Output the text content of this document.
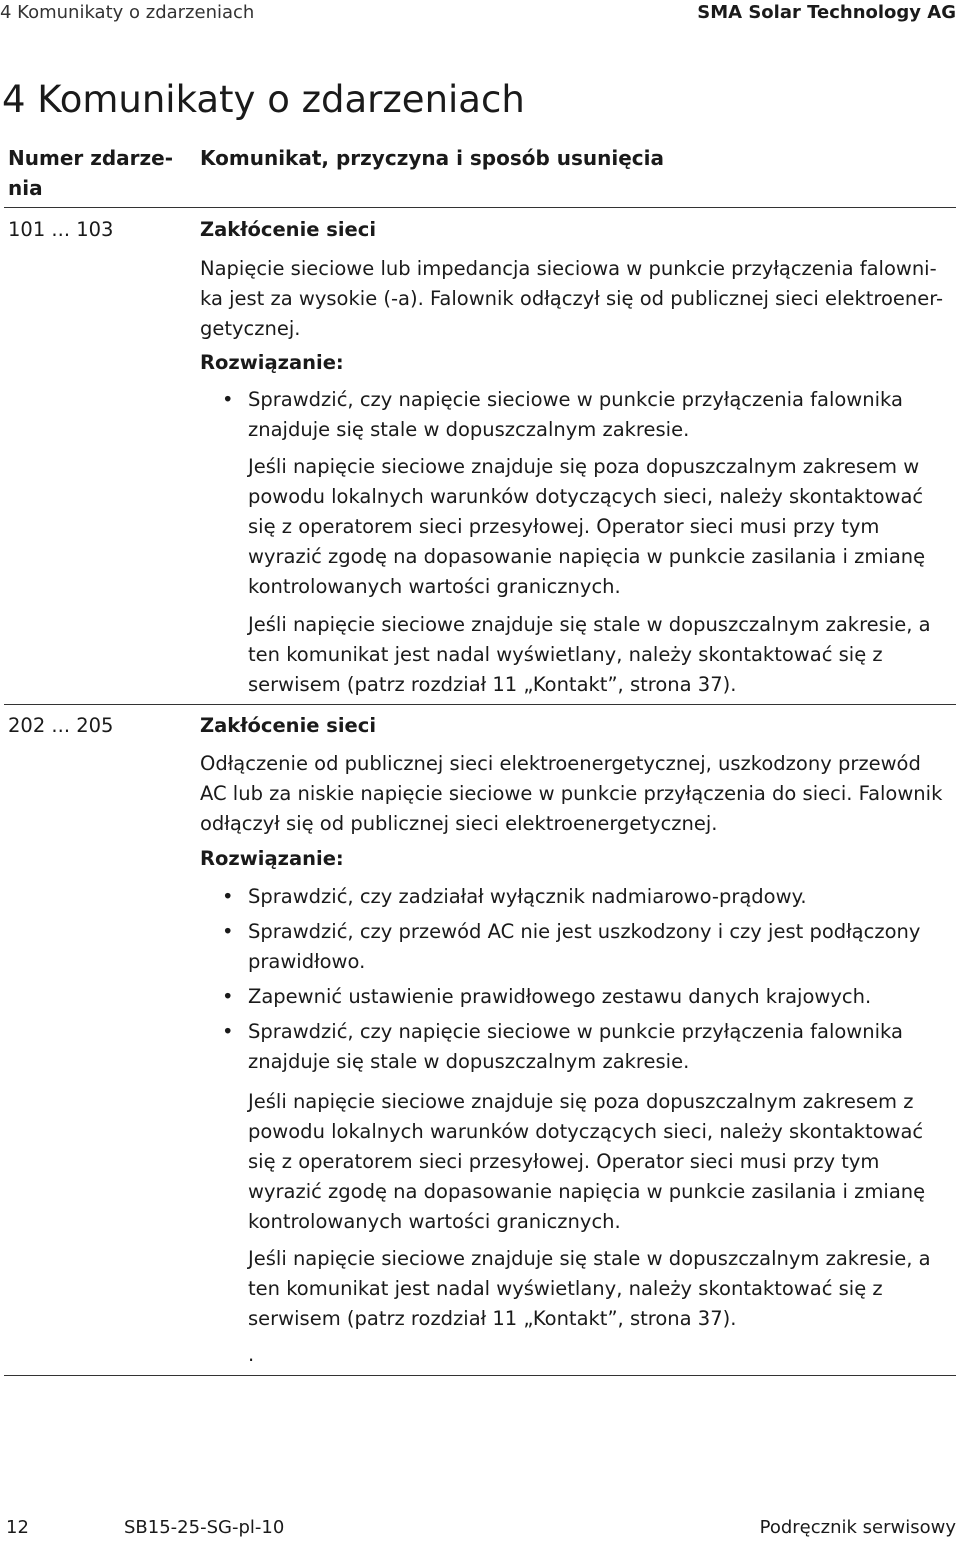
4 Komunikaty o zdarzeniach	SMA Solar Technology AG
4 Komunikaty o zdarzeniach
Numer zdarze-nia
Komunikat, przyczyna i sposób usunięcia
101 ... 103	Zakłócenie sieci

Napięcie sieciowe lub impedancja sieciowa w punkcie przyłączenia falowni-ka jest za wysokie (-a). Falownik odłączył się od publicznej sieci elektroener-getycznej.

Rozwiązanie:
• Sprawdzić, czy napięcie sieciowe w punkcie przyłączenia falownika znajduje się stale w dopuszczalnym zakresie.

Jeśli napięcie sieciowe znajduje się poza dopuszczalnym zakresem w powodu lokalnych warunków dotyczących sieci, należy skontaktować się z operatorem sieci przesyłowej. Operator sieci musi przy tym wyrazić zgodę na dopasowanie napięcia w punkcie zasilania i zmianę kontrolowanych wartości granicznych.

Jeśli napięcie sieciowe znajduje się stale w dopuszczalnym zakresie, a ten komunikat jest nadal wyświetlany, należy skontaktować się z serwisem (patrz rozdział 11 „Kontakt”, strona 37).

202 ... 205	Zakłócenie sieci

Odłączenie od publicznej sieci elektroenergetycznej, uszkodzony przewód AC lub za niskie napięcie sieciowe w punkcie przyłączenia do sieci. Falownik odłączył się od publicznej sieci elektroenergetycznej.

Rozwiązanie:
• Sprawdzić, czy zadziałał wyłącznik nadmiarowo-prądowy.
• Sprawdzić, czy przewód AC nie jest uszkodzony i czy jest podłączony prawidłowo.
• Zapewnić ustawienie prawidłowego zestawu danych krajowych.
• Sprawdzić, czy napięcie sieciowe w punkcie przyłączenia falownika znajduje się stale w dopuszczalnym zakresie.

Jeśli napięcie sieciowe znajduje się poza dopuszczalnym zakresem z powodu lokalnych warunków dotyczących sieci, należy skontaktować się z operatorem sieci przesyłowej. Operator sieci musi przy tym wyrazić zgodę na dopasowanie napięcia w punkcie zasilania i zmianę kontrolowanych wartości granicznych.

Jeśli napięcie sieciowe znajduje się stale w dopuszczalnym zakresie, a ten komunikat jest nadal wyświetlany, należy skontaktować się z serwisem (patrz rozdział 11 „Kontakt”, strona 37).

.

12	SB15-25-SG-pl-10	Podręcznik serwisowy
